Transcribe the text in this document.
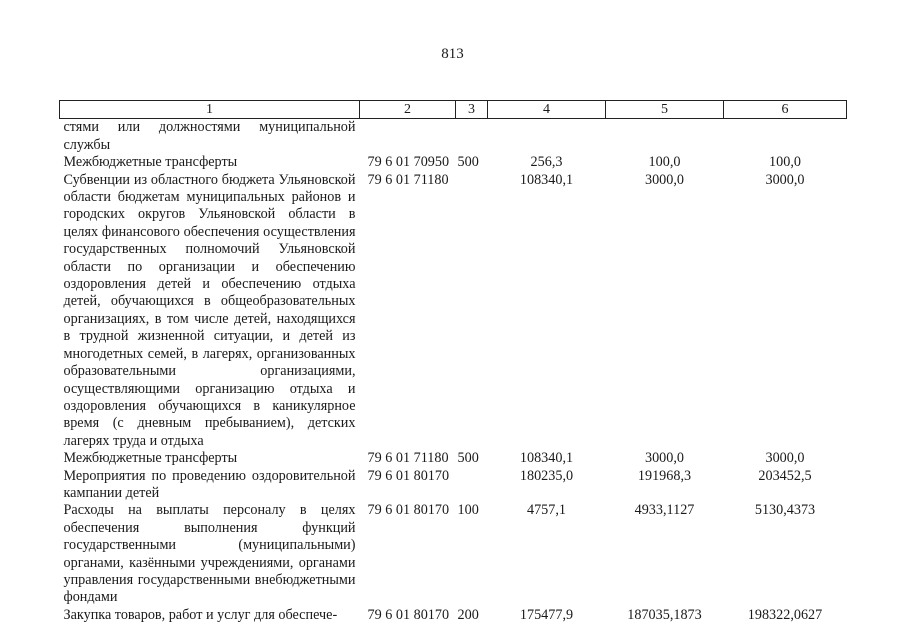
813
1	2	3	4	5	6
стями или должностями муниципальной службы					
Межбюджетные трансферты	79 6 01 70950	500	256,3	100,0	100,0
Субвенции из областного бюджета Ульяновской области бюджетам муниципальных районов и городских округов Ульяновской области в целях финансового обеспечения осуществления государственных полномочий Ульяновской области по организации и обеспечению оздоровления детей и обеспечению отдыха детей, обучающихся в общеобразовательных организациях, в том числе детей, находящихся в трудной жизненной ситуации, и детей из многодетных семей, в лагерях, организованных образовательными организациями, осуществляющими организацию отдыха и оздоровления обучающихся в каникулярное время (с дневным пребыванием), детских лагерях труда и отдыха	79 6 01 71180		108340,1	3000,0	3000,0
Межбюджетные трансферты	79 6 01 71180	500	108340,1	3000,0	3000,0
Мероприятия по проведению оздоровительной кампании детей	79 6 01 80170		180235,0	191968,3	203452,5
Расходы на выплаты персоналу в целях обеспечения выполнения функций государственными (муниципальными) органами, казёнными учреждениями, органами управления государственными внебюджетными фондами	79 6 01 80170	100	4757,1	4933,1127	5130,4373
Закупка товаров, работ и услуг для обеспече-	79 6 01 80170	200	175477,9	187035,1873	198322,0627
